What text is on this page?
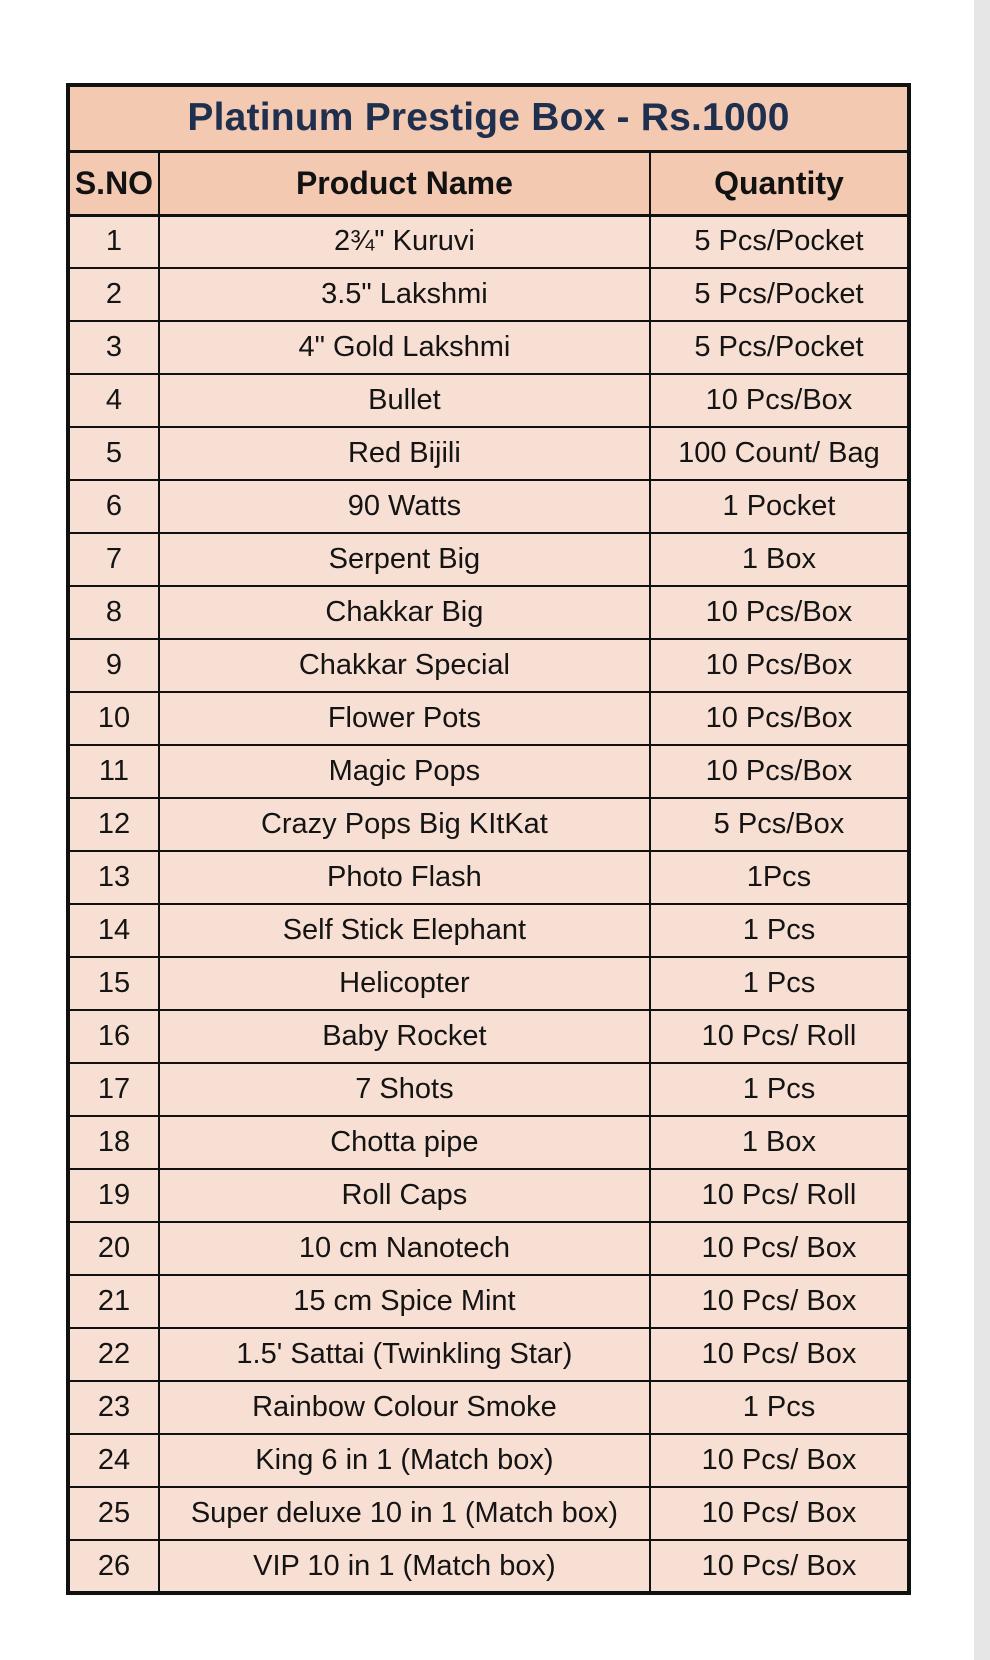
Platinum Prestige Box - Rs.1000		
S.NO	Product Name	Quantity
1	2¾" Kuruvi	5 Pcs/Pocket
2	3.5" Lakshmi	5 Pcs/Pocket
3	4" Gold Lakshmi	5 Pcs/Pocket
4	Bullet	10 Pcs/Box
5	Red Bijili	100 Count/ Bag
6	90 Watts	1 Pocket
7	Serpent Big	1 Box
8	Chakkar Big	10 Pcs/Box
9	Chakkar Special	10 Pcs/Box
10	Flower Pots	10 Pcs/Box
11	Magic Pops	10 Pcs/Box
12	Crazy Pops Big KItKat	5 Pcs/Box
13	Photo Flash	1Pcs
14	Self Stick Elephant	1 Pcs
15	Helicopter	1 Pcs
16	Baby Rocket	10 Pcs/ Roll
17	7 Shots	1 Pcs
18	Chotta pipe	1 Box
19	Roll Caps	10 Pcs/ Roll
20	10 cm Nanotech	10 Pcs/ Box
21	15 cm Spice Mint	10 Pcs/ Box
22	1.5' Sattai (Twinkling Star)	10 Pcs/ Box
23	Rainbow Colour Smoke	1 Pcs
24	King 6 in 1 (Match box)	10 Pcs/ Box
25	Super deluxe 10 in 1 (Match box)	10 Pcs/ Box
26	VIP 10 in 1 (Match box)	10 Pcs/ Box
